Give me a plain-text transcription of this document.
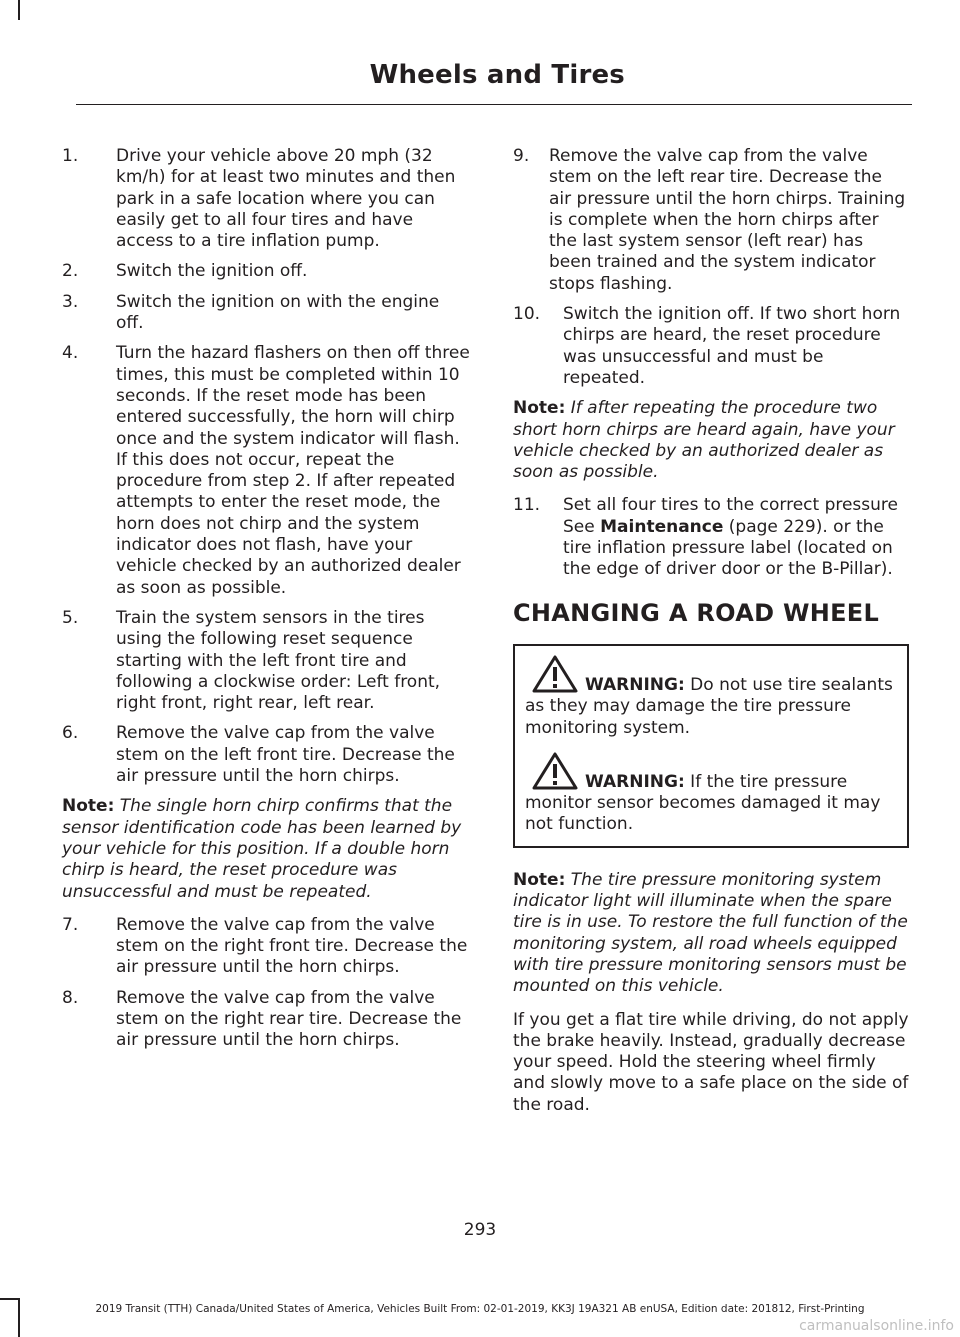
Wheels and Tires
1.	Drive your vehicle above 20 mph (32 km/h) for at least two minutes and then park in a safe location where you can easily get to all four tires and have access to a tire inflation pump.
2.	Switch the ignition off.
3.	Switch the ignition on with the engine off.
4.	Turn the hazard flashers on then off three times, this must be completed within 10 seconds. If the reset mode has been entered successfully, the horn will chirp once and the system indicator will flash. If this does not occur, repeat the procedure from step 2. If after repeated attempts to enter the reset mode, the horn does not chirp and the system indicator does not flash, have your vehicle checked by an authorized dealer as soon as possible.
5.	Train the system sensors in the tires using the following reset sequence starting with the left front tire and following a clockwise order: Left front, right front, right rear, left rear.
6.	Remove the valve cap from the valve stem on the left front tire. Decrease the air pressure until the horn chirps.

Note: The single horn chirp confirms that the sensor identification code has been learned by your vehicle for this position. If a double horn chirp is heard, the reset procedure was unsuccessful and must be repeated.

7.	Remove the valve cap from the valve stem on the right front tire. Decrease the air pressure until the horn chirps.
8.	Remove the valve cap from the valve stem on the right rear tire. Decrease the air pressure until the horn chirps.
9.	Remove the valve cap from the valve stem on the left rear tire. Decrease the air pressure until the horn chirps. Training is complete when the horn chirps after the last system sensor (left rear) has been trained and the system indicator stops flashing.
10.	Switch the ignition off. If two short horn chirps are heard, the reset procedure was unsuccessful and must be repeated.

Note: If after repeating the procedure two short horn chirps are heard again, have your vehicle checked by an authorized dealer as soon as possible.

11.	Set all four tires to the correct pressure See Maintenance (page 229). or the tire inflation pressure label (located on the edge of driver door or the B-Pillar).
CHANGING A ROAD WHEEL
WARNING: Do not use tire sealants as they may damage the tire pressure monitoring system.
WARNING: If the tire pressure monitor sensor becomes damaged it may not function.

Note: The tire pressure monitoring system indicator light will illuminate when the spare tire is in use. To restore the full function of the monitoring system, all road wheels equipped with tire pressure monitoring sensors must be mounted on this vehicle.

If you get a flat tire while driving, do not apply the brake heavily. Instead, gradually decrease your speed. Hold the steering wheel firmly and slowly move to a safe place on the side of the road.

293
2019 Transit (TTH) Canada/United States of America, Vehicles Built From: 02-01-2019, KK3J 19A321 AB enUSA, Edition date: 201812, First-Printing
carmanualsonline.info
